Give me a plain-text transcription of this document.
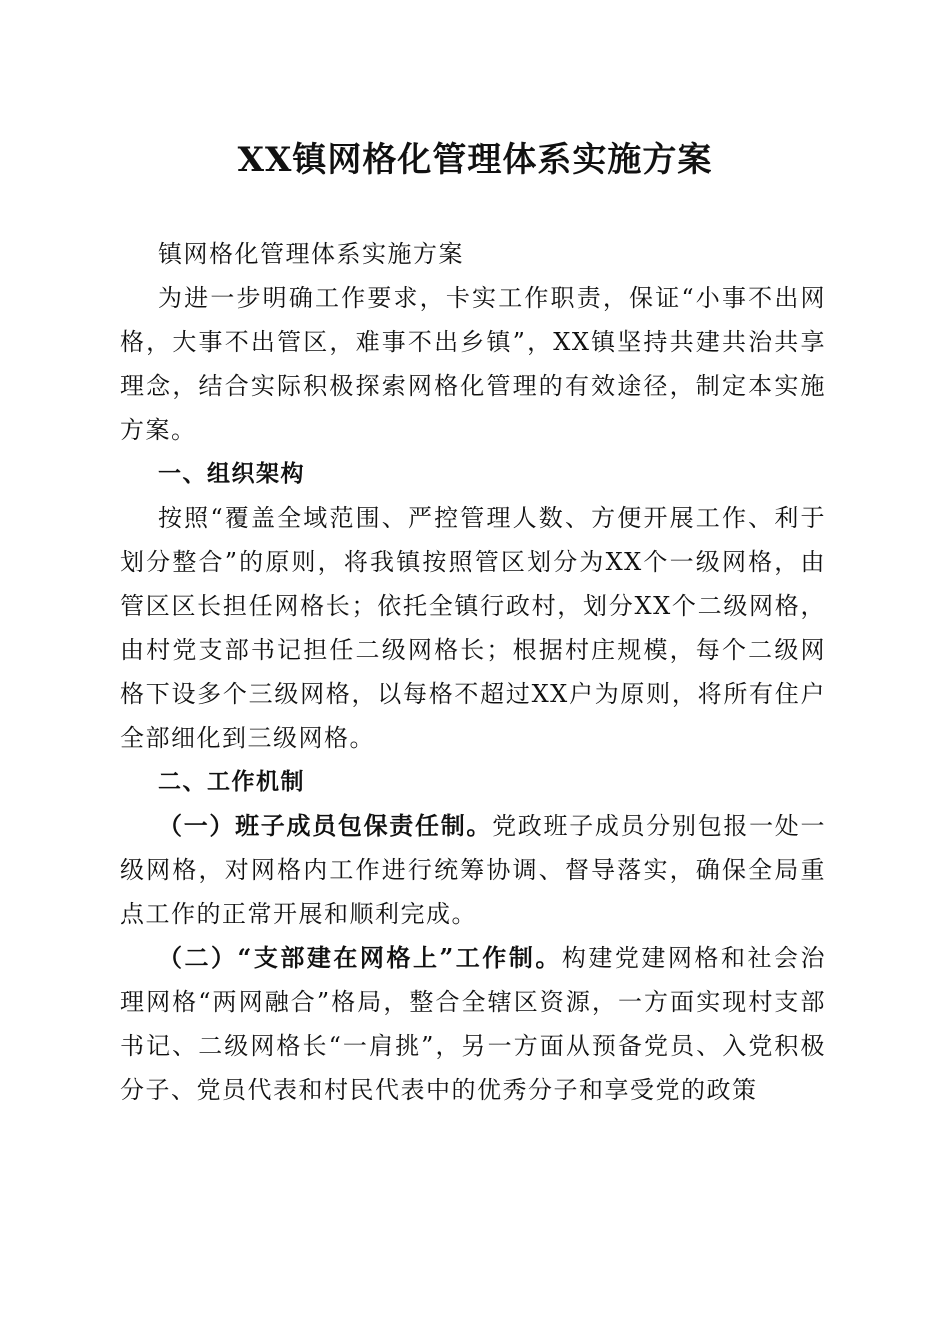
XX镇网格化管理体系实施方案

镇网格化管理体系实施方案

为进一步明确工作要求，卡实工作职责，保证“小事不出网格，大事不出管区，难事不出乡镇”，XX镇坚持共建共治共享理念，结合实际积极探索网格化管理的有效途径，制定本实施方案。

一、组织架构

按照“覆盖全域范围、严控管理人数、方便开展工作、利于划分整合”的原则，将我镇按照管区划分为XX个一级网格，由管区区长担任网格长；依托全镇行政村，划分XX个二级网格，由村党支部书记担任二级网格长；根据村庄规模，每个二级网格下设多个三级网格，以每格不超过XX户为原则，将所有住户全部细化到三级网格。

二、工作机制

（一）班子成员包保责任制。党政班子成员分别包报一处一级网格，对网格内工作进行统筹协调、督导落实，确保全局重点工作的正常开展和顺利完成。

（二）“支部建在网格上”工作制。构建党建网格和社会治理网格“两网融合”格局，整合全辖区资源，一方面实现村支部书记、二级网格长“一肩挑”，另一方面从预备党员、入党积极分子、党员代表和村民代表中的优秀分子和享受党的政策
